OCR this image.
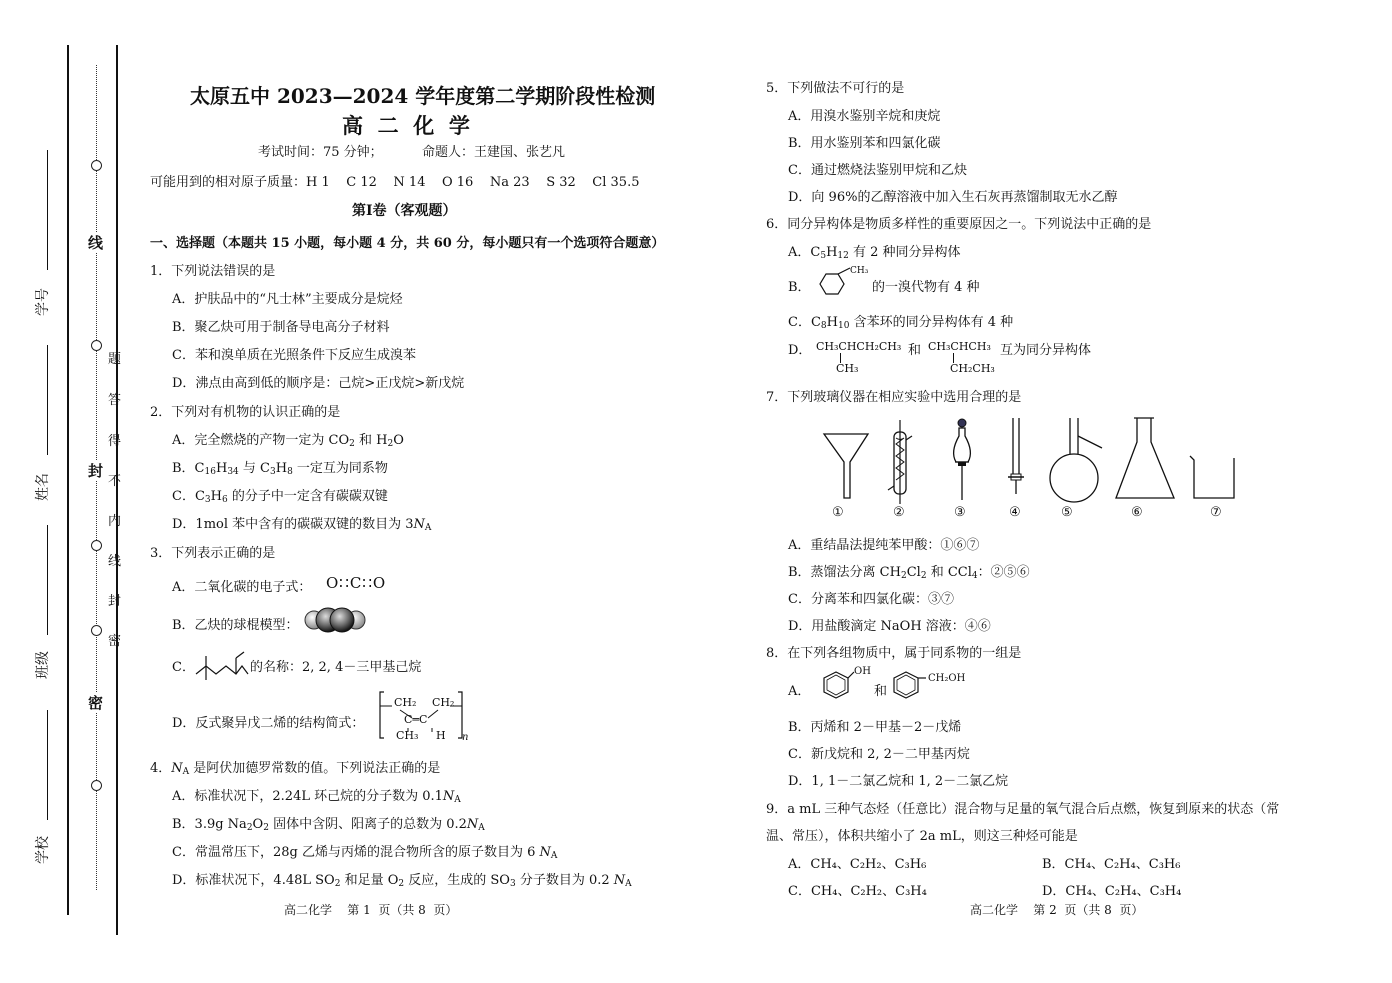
线
封
密
题
答
得
不
内
线
封
密
学号
姓名
班级
学校
太原五中 2023—2024 学年度第二学期阶段性检测
高  二  化  学
考试时间：75 分钟；	命题人：王建国、张艺凡
可能用到的相对原子质量：H 1    C 12    N 14    O 16    Na 23    S 32    Cl 35.5
第Ⅰ卷（客观题）
一、选择题（本题共 15 小题，每小题 4 分，共 60 分，每小题只有一个选项符合题意）
1．下列说法错误的是
A．护肤品中的“凡士林”主要成分是烷烃
B．聚乙炔可用于制备导电高分子材料
C．苯和溴单质在光照条件下反应生成溴苯
D．沸点由高到低的顺序是：己烷>正戊烷>新戊烷
2．下列对有机物的认识正确的是
A．完全燃烧的产物一定为 $CO_2$ 和 $H_2O$
B．$C_{16}H_{34}$ 与 $C_3H_8$ 一定互为同系物
C．$C_3H_6$ 的分子中一定含有碳碳双键
D．1mol 苯中含有的碳碳双键的数目为 $3N_A$
3．下列表示正确的是
A．二氧化碳的电子式： O∷C∷O
B．乙炔的球棍模型：
C．	的名称：2, 2, 4－三甲基己烷
D．反式聚异戊二烯的结构简式：
CH₂ CH₂
C═C
CH₃ H n
4．$N_A$ 是阿伏加德罗常数的值。下列说法正确的是
A．标准状况下，2.24L 环己烷的分子数为 $0.1N_A$
B．3.9g $Na_2O_2$ 固体中含阴、阳离子的总数为 $0.2N_A$
C．常温常压下，28g 乙烯与丙烯的混合物所含的原子数目为 6 $N_A$
D．标准状况下，4.48L $SO_2$ 和足量 $O_2$ 反应，生成的 $SO_3$ 分子数目为 0.2 $N_A$
高二化学    第 1  页（共 8  页）
5．下列做法不可行的是
A．用溴水鉴别辛烷和庚烷
B．用水鉴别苯和四氯化碳
C．通过燃烧法鉴别甲烷和乙炔
D．向 96%的乙醇溶液中加入生石灰再蒸馏制取无水乙醇
6．同分异构体是物质多样性的重要原因之一。下列说法中正确的是
A．$C_5H_{12}$ 有 2 种同分异构体
B．
CH₃
的一溴代物有 4 种
C．$C_8H_{10}$ 含苯环的同分异构体有 4 种
D． CH₃CHCH₂CH₃
CH₃
和 CH₃CHCH₃
CH₂CH₃
互为同分异构体
7．下列玻璃仪器在相应实验中选用合理的是
①	②	③	④	⑤	⑥	⑦
A．重结晶法提纯苯甲酸：①⑥⑦
B．蒸馏法分离 $CH_2Cl_2$ 和 CCl$_4$：②⑤⑥
C．分离苯和四氯化碳：③⑦
D．用盐酸滴定 NaOH 溶液：④⑥
8．在下列各组物质中，属于同系物的一组是
A．
OH
和
CH₂OH
B．丙烯和 2－甲基－2－戊烯
C．新戊烷和 2, 2－二甲基丙烷
D．1, 1－二氯乙烷和 1, 2－二氯乙烷
9．a mL 三种气态烃（任意比）混合物与足量的氧气混合后点燃，恢复到原来的状态（常
温、常压），体积共缩小了 2a mL，则这三种烃可能是
A．CH₄、C₂H₂、C₃H₆	B．CH₄、C₂H₄、C₃H₆
C．CH₄、C₂H₂、C₃H₄	D．CH₄、C₂H₄、C₃H₄
高二化学    第 2  页（共 8  页）
